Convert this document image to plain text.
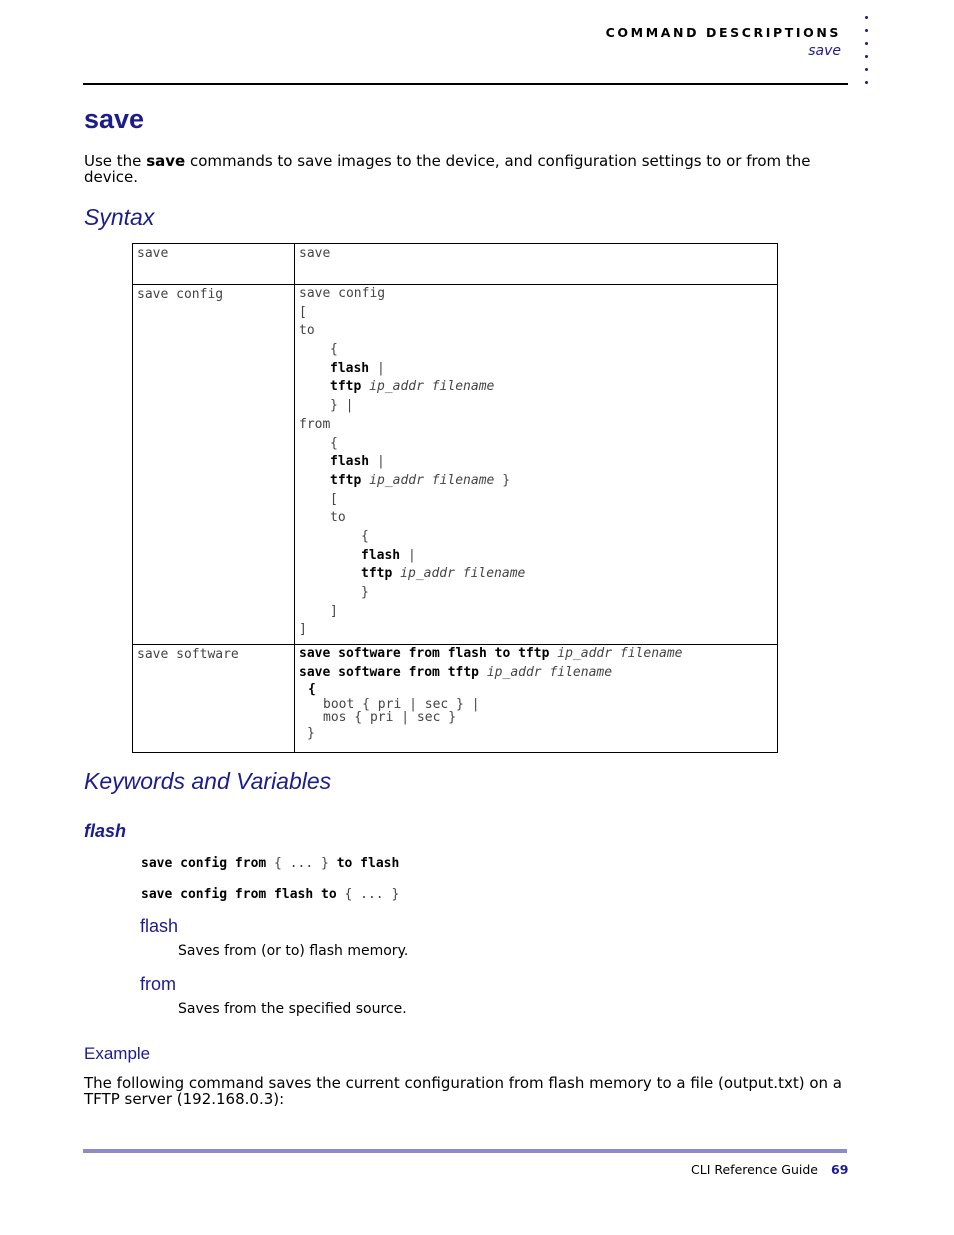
COMMAND DESCRIPTIONS
save
save
Use the save commands to save images to the device, and configuration settings to or from the device.
Syntax
save	save
save config	save config
[
to
{
flash |
tftp ip_addr filename
} |
from
{
flash |
tftp ip_addr filename }
[
to
{
flash |
tftp ip_addr filename
}
]
]
save software	save software from flash to tftp ip_addr filename
save software from tftp ip_addr filename
{
boot { pri | sec } |
mos { pri | sec }
}
Keywords and Variables
flash
save config from { ... } to flash
save config from flash to { ... }
flash
Saves from (or to) flash memory.
from
Saves from the specified source.
Example
The following command saves the current configuration from flash memory to a file (output.txt) on a TFTP server (192.168.0.3):
CLI Reference Guide 69
